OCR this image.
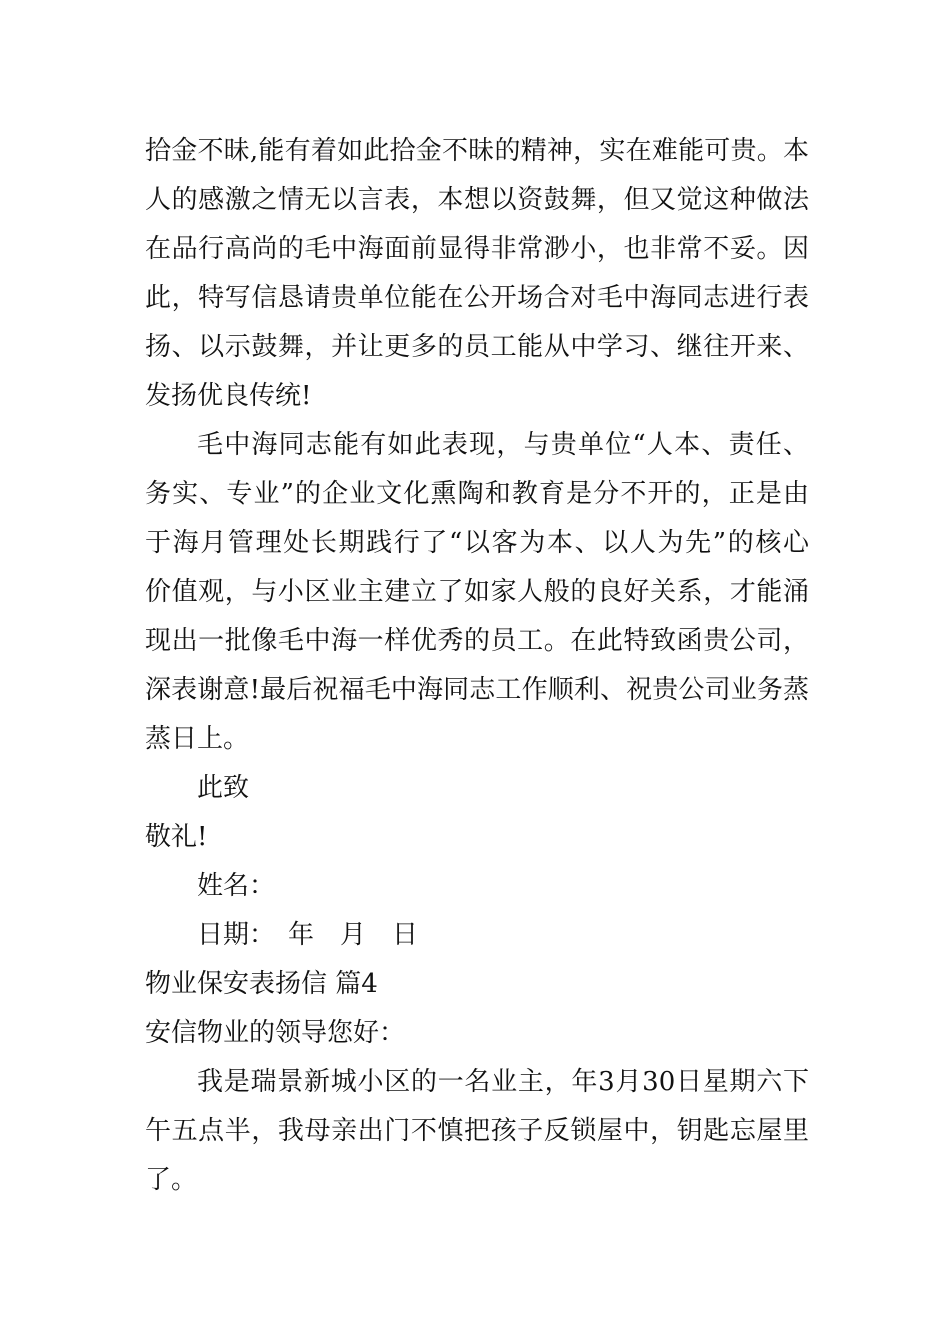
拾金不昧,能有着如此拾金不昧的精神，实在难能可贵。本
人的感激之情无以言表，本想以资鼓舞，但又觉这种做法
在品行高尚的毛中海面前显得非常渺小，也非常不妥。因
此，特写信恳请贵单位能在公开场合对毛中海同志进行表
扬、以示鼓舞，并让更多的员工能从中学习、继往开来、
发扬优良传统!
毛中海同志能有如此表现，与贵单位“人本、责任、
务实、专业”的企业文化熏陶和教育是分不开的，正是由
于海月管理处长期践行了“以客为本、以人为先”的核心
价值观，与小区业主建立了如家人般的良好关系，才能涌
现出一批像毛中海一样优秀的员工。在此特致函贵公司，
深表谢意!最后祝福毛中海同志工作顺利、祝贵公司业务蒸
蒸日上。
此致
敬礼!
姓名：
日期：　年　月　日
物业保安表扬信 篇4
安信物业的领导您好：
我是瑞景新城小区的一名业主，年3月30日星期六下
午五点半，我母亲出门不慎把孩子反锁屋中，钥匙忘屋里
了。
